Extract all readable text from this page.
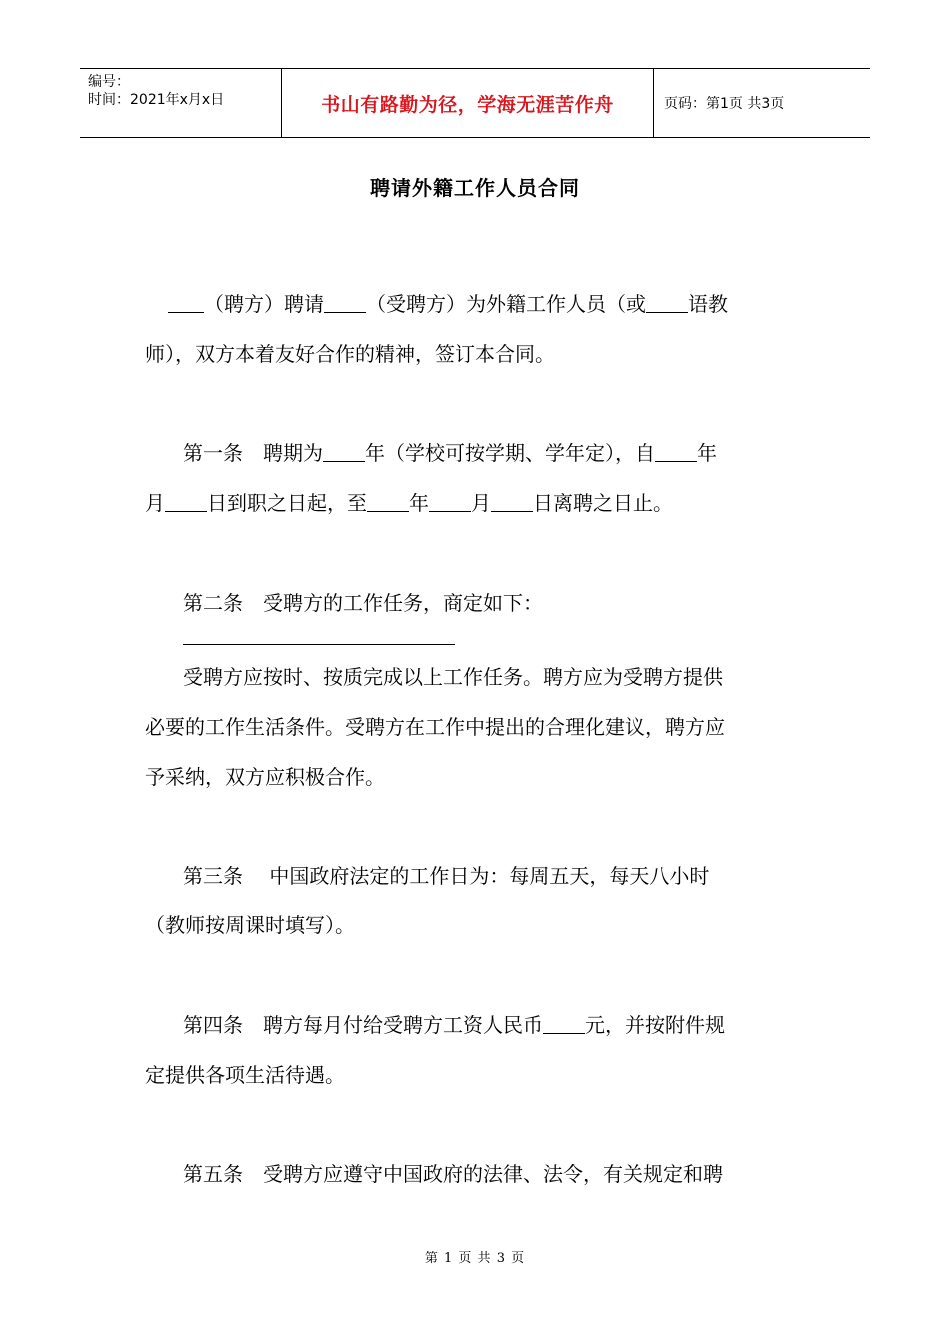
编号：
时间：2021年x月x日	书山有路勤为径，学海无涯苦作舟	页码：第1页 共3页
聘请外籍工作人员合同

（聘方）聘请 （受聘方）为外籍工作人员（或 语教

师），双方本着友好合作的精神，签订本合同。

第一条　聘期为 年（学校可按学期、学年定），自 年

月 日到职之日起，至 年 月 日离聘之日止。

第二条　受聘方的工作任务，商定如下：

受聘方应按时、按质完成以上工作任务。聘方应为受聘方提供

必要的工作生活条件。受聘方在工作中提出的合理化建议，聘方应

予采纳，双方应积极合作。

第三条　 中国政府法定的工作日为：每周五天，每天八小时

（教师按周课时填写）。

第四条　聘方每月付给受聘方工资人民币 元，并按附件规

定提供各项生活待遇。

第五条　受聘方应遵守中国政府的法律、法令，有关规定和聘

第 1 页 共 3 页
